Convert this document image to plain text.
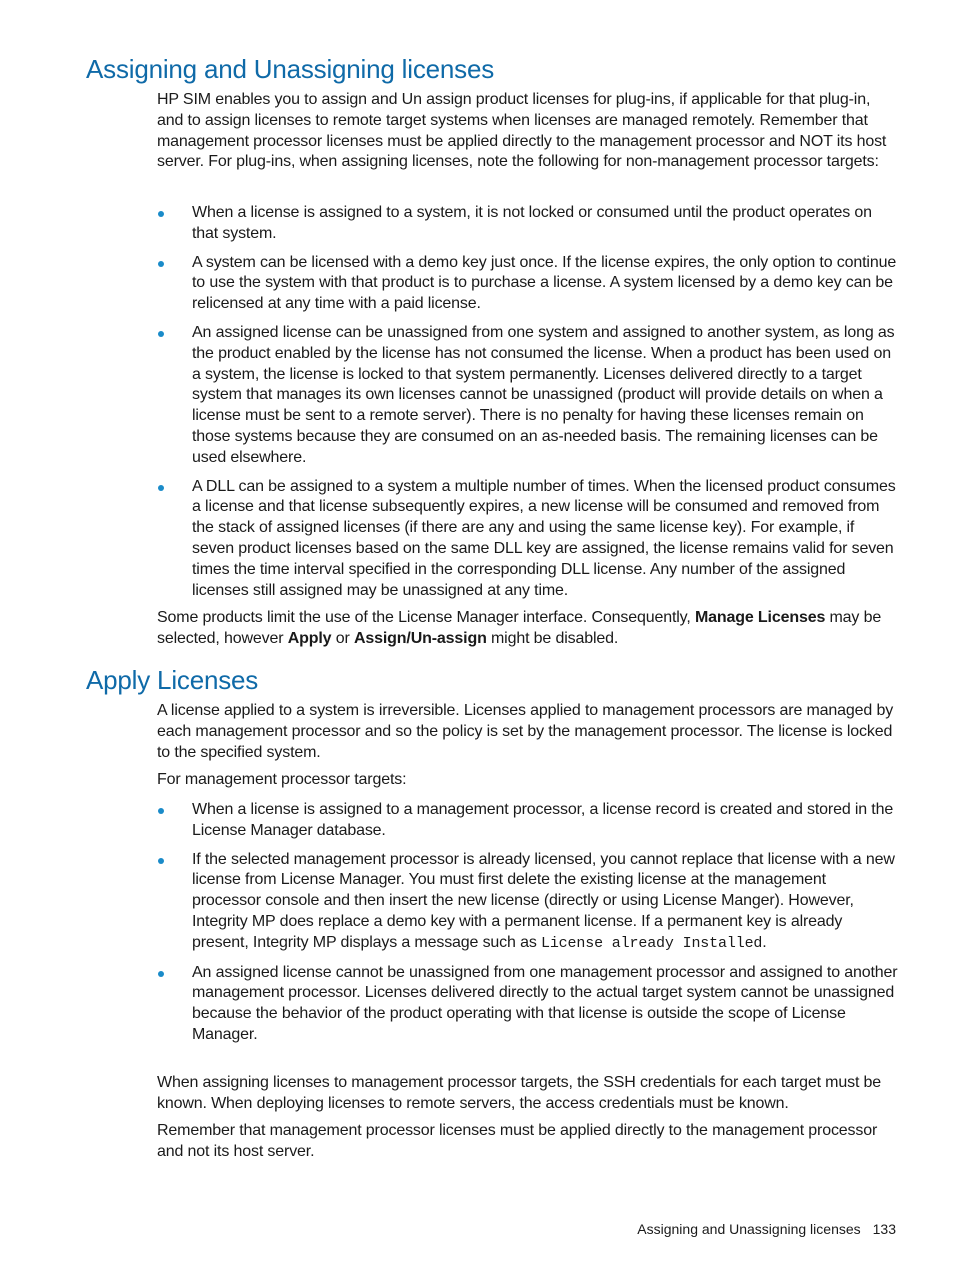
Assigning and Unassigning licenses

HP SIM enables you to assign and Un assign product licenses for plug-ins, if applicable for that plug-in, and to assign licenses to remote target systems when licenses are managed remotely. Remember that management processor licenses must be applied directly to the management processor and NOT its host server. For plug-ins, when assigning licenses, note the following for non-management processor targets:

When a license is assigned to a system, it is not locked or consumed until the product operates on that system.
A system can be licensed with a demo key just once. If the license expires, the only option to continue to use the system with that product is to purchase a license. A system licensed by a demo key can be relicensed at any time with a paid license.
An assigned license can be unassigned from one system and assigned to another system, as long as the product enabled by the license has not consumed the license. When a product has been used on a system, the license is locked to that system permanently. Licenses delivered directly to a target system that manages its own licenses cannot be unassigned (product will provide details on when a license must be sent to a remote server). There is no penalty for having these licenses remain on those systems because they are consumed on an as-needed basis. The remaining licenses can be used elsewhere.
A DLL can be assigned to a system a multiple number of times. When the licensed product consumes a license and that license subsequently expires, a new license will be consumed and removed from the stack of assigned licenses (if there are any and using the same license key). For example, if seven product licenses based on the same DLL key are assigned, the license remains valid for seven times the time interval specified in the corresponding DLL license. Any number of the assigned licenses still assigned may be unassigned at any time.

Some products limit the use of the License Manager interface. Consequently, Manage Licenses may be selected, however Apply or Assign/Un-assign might be disabled.

Apply Licenses

A license applied to a system is irreversible. Licenses applied to management processors are managed by each management processor and so the policy is set by the management processor. The license is locked to the specified system.

For management processor targets:

When a license is assigned to a management processor, a license record is created and stored in the License Manager database.
If the selected management processor is already licensed, you cannot replace that license with a new license from License Manager. You must first delete the existing license at the management processor console and then insert the new license (directly or using License Manger). However, Integrity MP does replace a demo key with a permanent license. If a permanent key is already present, Integrity MP displays a message such as License already Installed.
An assigned license cannot be unassigned from one management processor and assigned to another management processor. Licenses delivered directly to the actual target system cannot be unassigned because the behavior of the product operating with that license is outside the scope of License Manager.

When assigning licenses to management processor targets, the SSH credentials for each target must be known. When deploying licenses to remote servers, the access credentials must be known.

Remember that management processor licenses must be applied directly to the management processor and not its host server.

Assigning and Unassigning licenses 133
